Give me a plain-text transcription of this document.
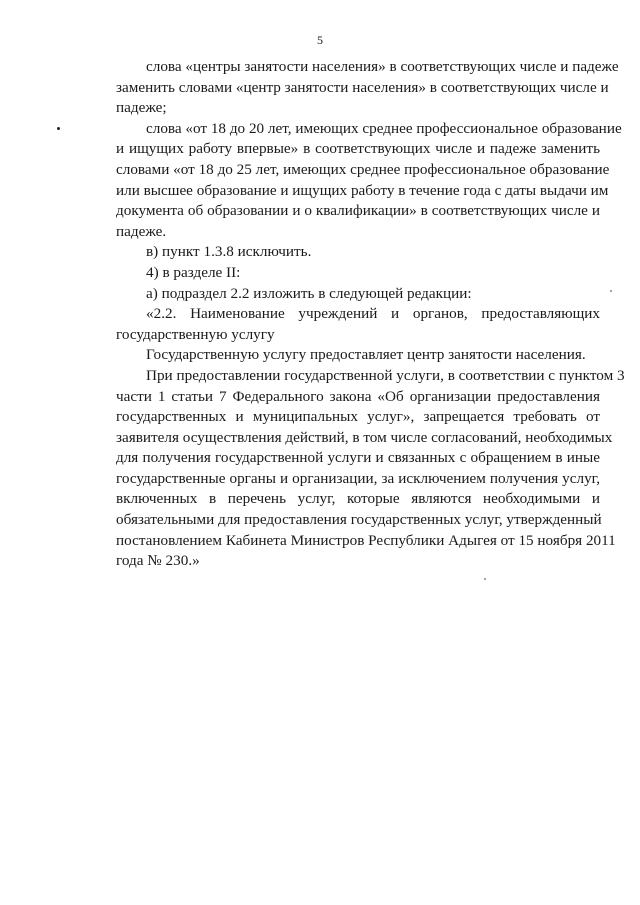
5
слова «центры занятости населения» в соответствующих числе и падеже
заменить словами «центр занятости населения» в соответствующих числе и
падеже;
слова «от 18 до 20 лет, имеющих среднее профессиональное образование
и ищущих работу впервые» в соответствующих числе и падеже заменить
словами «от 18 до 25 лет, имеющих среднее профессиональное образование
или высшее образование и ищущих работу в течение года с даты выдачи им
документа об образовании и о квалификации» в соответствующих числе и
падеже.
в) пункт 1.3.8 исключить.
4) в разделе II:
а) подраздел 2.2 изложить в следующей редакции:
«2.2. Наименование учреждений и органов, предоставляющих
государственную услугу
Государственную услугу предоставляет центр занятости населения.
При предоставлении государственной услуги, в соответствии с пунктом 3
части 1 статьи 7 Федерального закона «Об организации предоставления
государственных и муниципальных услуг», запрещается требовать от
заявителя осуществления действий, в том числе согласований, необходимых
для получения государственной услуги и связанных с обращением в иные
государственные органы и организации, за исключением получения услуг,
включенных в перечень услуг, которые являются необходимыми и
обязательными для предоставления государственных услуг, утвержденный
постановлением Кабинета Министров Республики Адыгея от 15 ноября 2011
года № 230.»
